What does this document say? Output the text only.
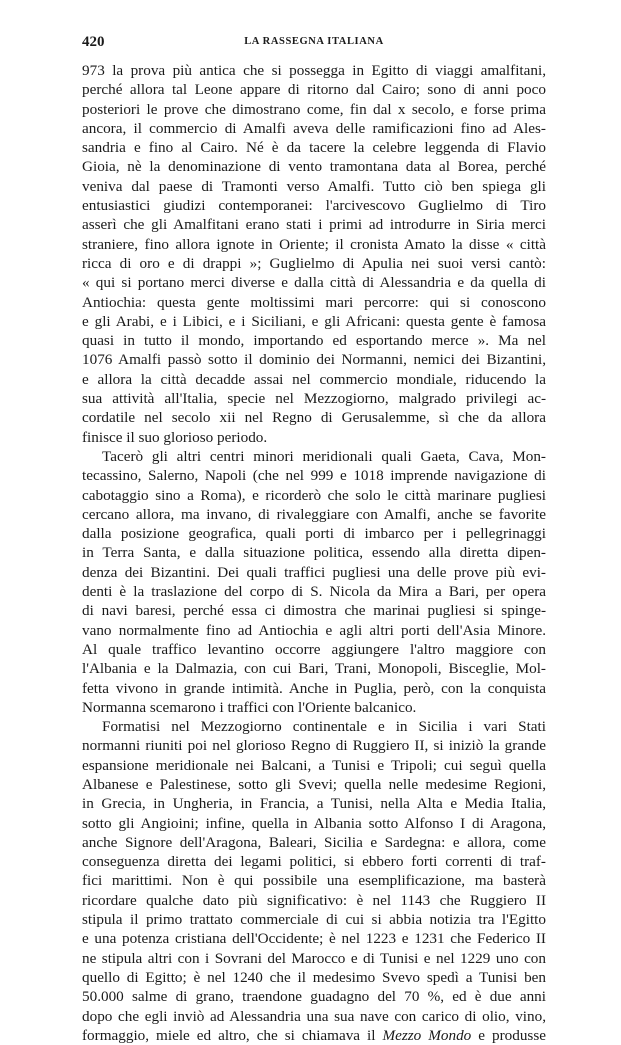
420	LA RASSEGNA ITALIANA
973 la prova più antica che si possegga in Egitto di viaggi amalfitani,
perché allora tal Leone appare di ritorno dal Cairo; sono di anni poco
posteriori le prove che dimostrano come, fin dal x secolo, e forse prima
ancora, il commercio di Amalfi aveva delle ramificazioni fino ad Ales-
sandria e fino al Cairo. Né è da tacere la celebre leggenda di Flavio
Gioia, nè la denominazione di vento tramontana data al Borea, perché
veniva dal paese di Tramonti verso Amalfi. Tutto ciò ben spiega gli
entusiastici giudizi contemporanei: l'arcivescovo Guglielmo di Tiro
asserì che gli Amalfitani erano stati i primi ad introdurre in Siria merci
straniere, fino allora ignote in Oriente; il cronista Amato la disse « città
ricca di oro e di drappi »; Guglielmo di Apulia nei suoi versi cantò:
« qui si portano merci diverse e dalla città di Alessandria e da quella di
Antiochia: questa gente moltissimi mari percorre: qui si conoscono
e gli Arabi, e i Libici, e i Siciliani, e gli Africani: questa gente è famosa
quasi in tutto il mondo, importando ed esportando merce ». Ma nel
1076 Amalfi passò sotto il dominio dei Normanni, nemici dei Bizantini,
e allora la città decadde assai nel commercio mondiale, riducendo la
sua attività all'Italia, specie nel Mezzogiorno, malgrado privilegi ac-
cordatile nel secolo xii nel Regno di Gerusalemme, sì che da allora
finisce il suo glorioso periodo.
Tacerò gli altri centri minori meridionali quali Gaeta, Cava, Mon-
tecassino, Salerno, Napoli (che nel 999 e 1018 imprende navigazione di
cabotaggio sino a Roma), e ricorderò che solo le città marinare pugliesi
cercano allora, ma invano, di rivaleggiare con Amalfi, anche se favorite
dalla posizione geografica, quali porti di imbarco per i pellegrinaggi
in Terra Santa, e dalla situazione politica, essendo alla diretta dipen-
denza dei Bizantini. Dei quali traffici pugliesi una delle prove più evi-
denti è la traslazione del corpo di S. Nicola da Mira a Bari, per opera
di navi baresi, perché essa ci dimostra che marinai pugliesi si spinge-
vano normalmente fino ad Antiochia e agli altri porti dell'Asia Minore.
Al quale traffico levantino occorre aggiungere l'altro maggiore con
l'Albania e la Dalmazia, con cui Bari, Trani, Monopoli, Bisceglie, Mol-
fetta vivono in grande intimità. Anche in Puglia, però, con la conquista
Normanna scemarono i traffici con l'Oriente balcanico.
Formatisi nel Mezzogiorno continentale e in Sicilia i vari Stati
normanni riuniti poi nel glorioso Regno di Ruggiero II, si iniziò la grande
espansione meridionale nei Balcani, a Tunisi e Tripoli; cui seguì quella
Albanese e Palestinese, sotto gli Svevi; quella nelle medesime Regioni,
in Grecia, in Ungheria, in Francia, a Tunisi, nella Alta e Media Italia,
sotto gli Angioini; infine, quella in Albania sotto Alfonso I di Aragona,
anche Signore dell'Aragona, Baleari, Sicilia e Sardegna: e allora, come
conseguenza diretta dei legami politici, si ebbero forti correnti di traf-
fici marittimi. Non è qui possibile una esemplificazione, ma basterà
ricordare qualche dato più significativo: è nel 1143 che Ruggiero II
stipula il primo trattato commerciale di cui si abbia notizia tra l'Egitto
e una potenza cristiana dell'Occidente; è nel 1223 e 1231 che Federico II
ne stipula altri con i Sovrani del Marocco e di Tunisi e nel 1229 uno con
quello di Egitto; è nel 1240 che il medesimo Svevo spedì a Tunisi ben
50.000 salme di grano, traendone guadagno del 70 %, ed è due anni
dopo che egli inviò ad Alessandria una sua nave con carico di olio, vino,
formaggio, miele ed altro, che si chiamava il Mezzo Mondo e produsse
